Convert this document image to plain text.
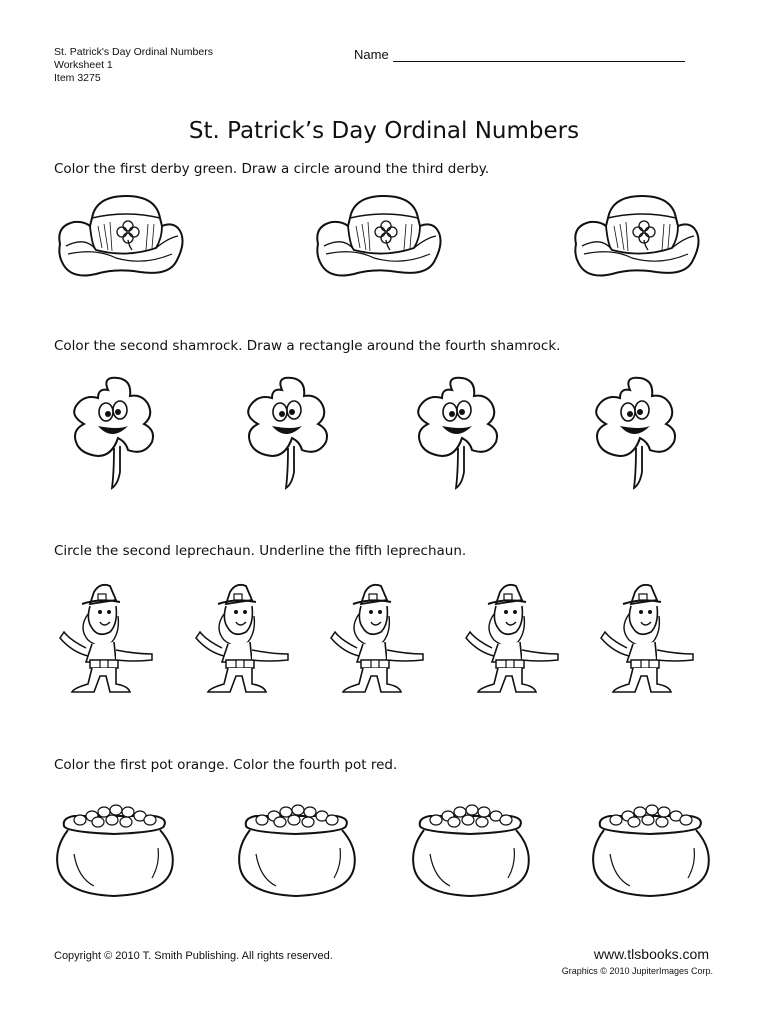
St. Patrick's Day Ordinal Numbers
Worksheet 1
Item 3275
Name
St. Patrick’s Day Ordinal Numbers
Color the first derby green. Draw a circle around the third derby.
Color the second shamrock. Draw a rectangle around the fourth shamrock.
Circle the second leprechaun. Underline the fifth leprechaun.
Color the first pot orange. Color the fourth pot red.
Copyright © 2010 T. Smith Publishing. All rights reserved.	www.tlsbooks.com
Graphics © 2010 JupiterImages Corp.
